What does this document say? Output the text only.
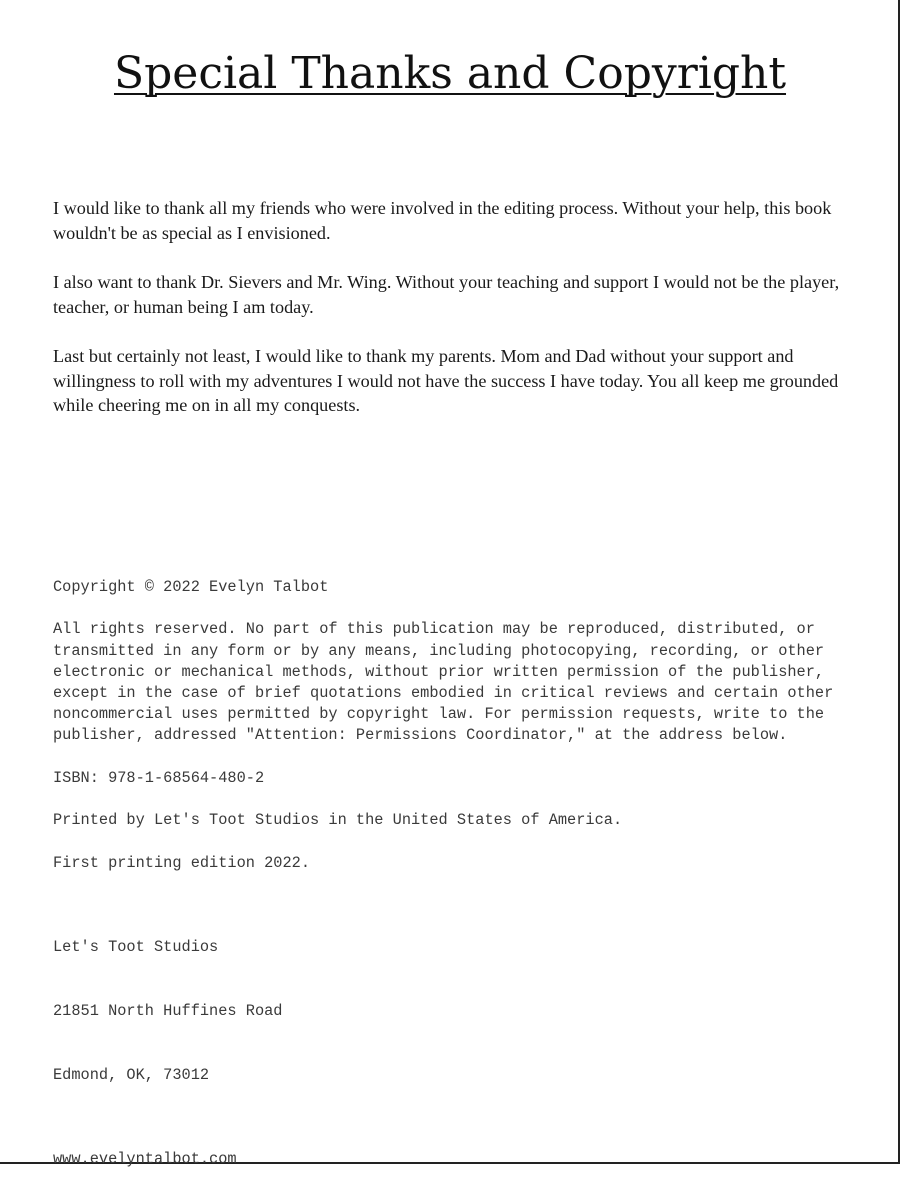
Special Thanks and Copyright

I would like to thank all my friends who were involved in the editing process. Without your help, this book wouldn't be as special as I envisioned.

I also want to thank Dr. Sievers and Mr. Wing. Without your teaching and support I would not be the player, teacher, or human being I am today.

Last but certainly not least, I would like to thank my parents. Mom and Dad without your support and willingness to roll with my adventures I would not have the success I have today. You all keep me grounded while cheering me on in all my conquests.

Copyright © 2022 Evelyn Talbot

All rights reserved. No part of this publication may be reproduced, distributed, or transmitted in any form or by any means, including photocopying, recording, or other electronic or mechanical methods, without prior written permission of the publisher, except in the case of brief quotations embodied in critical reviews and certain other noncommercial uses permitted by copyright law. For permission requests, write to the publisher, addressed "Attention: Permissions Coordinator," at the address below.

ISBN: 978-1-68564-480-2

Printed by Let's Toot Studios in the United States of America.

First printing edition 2022.

Let's Toot Studios

21851 North Huffines Road

Edmond, OK, 73012

www.evelyntalbot.com
